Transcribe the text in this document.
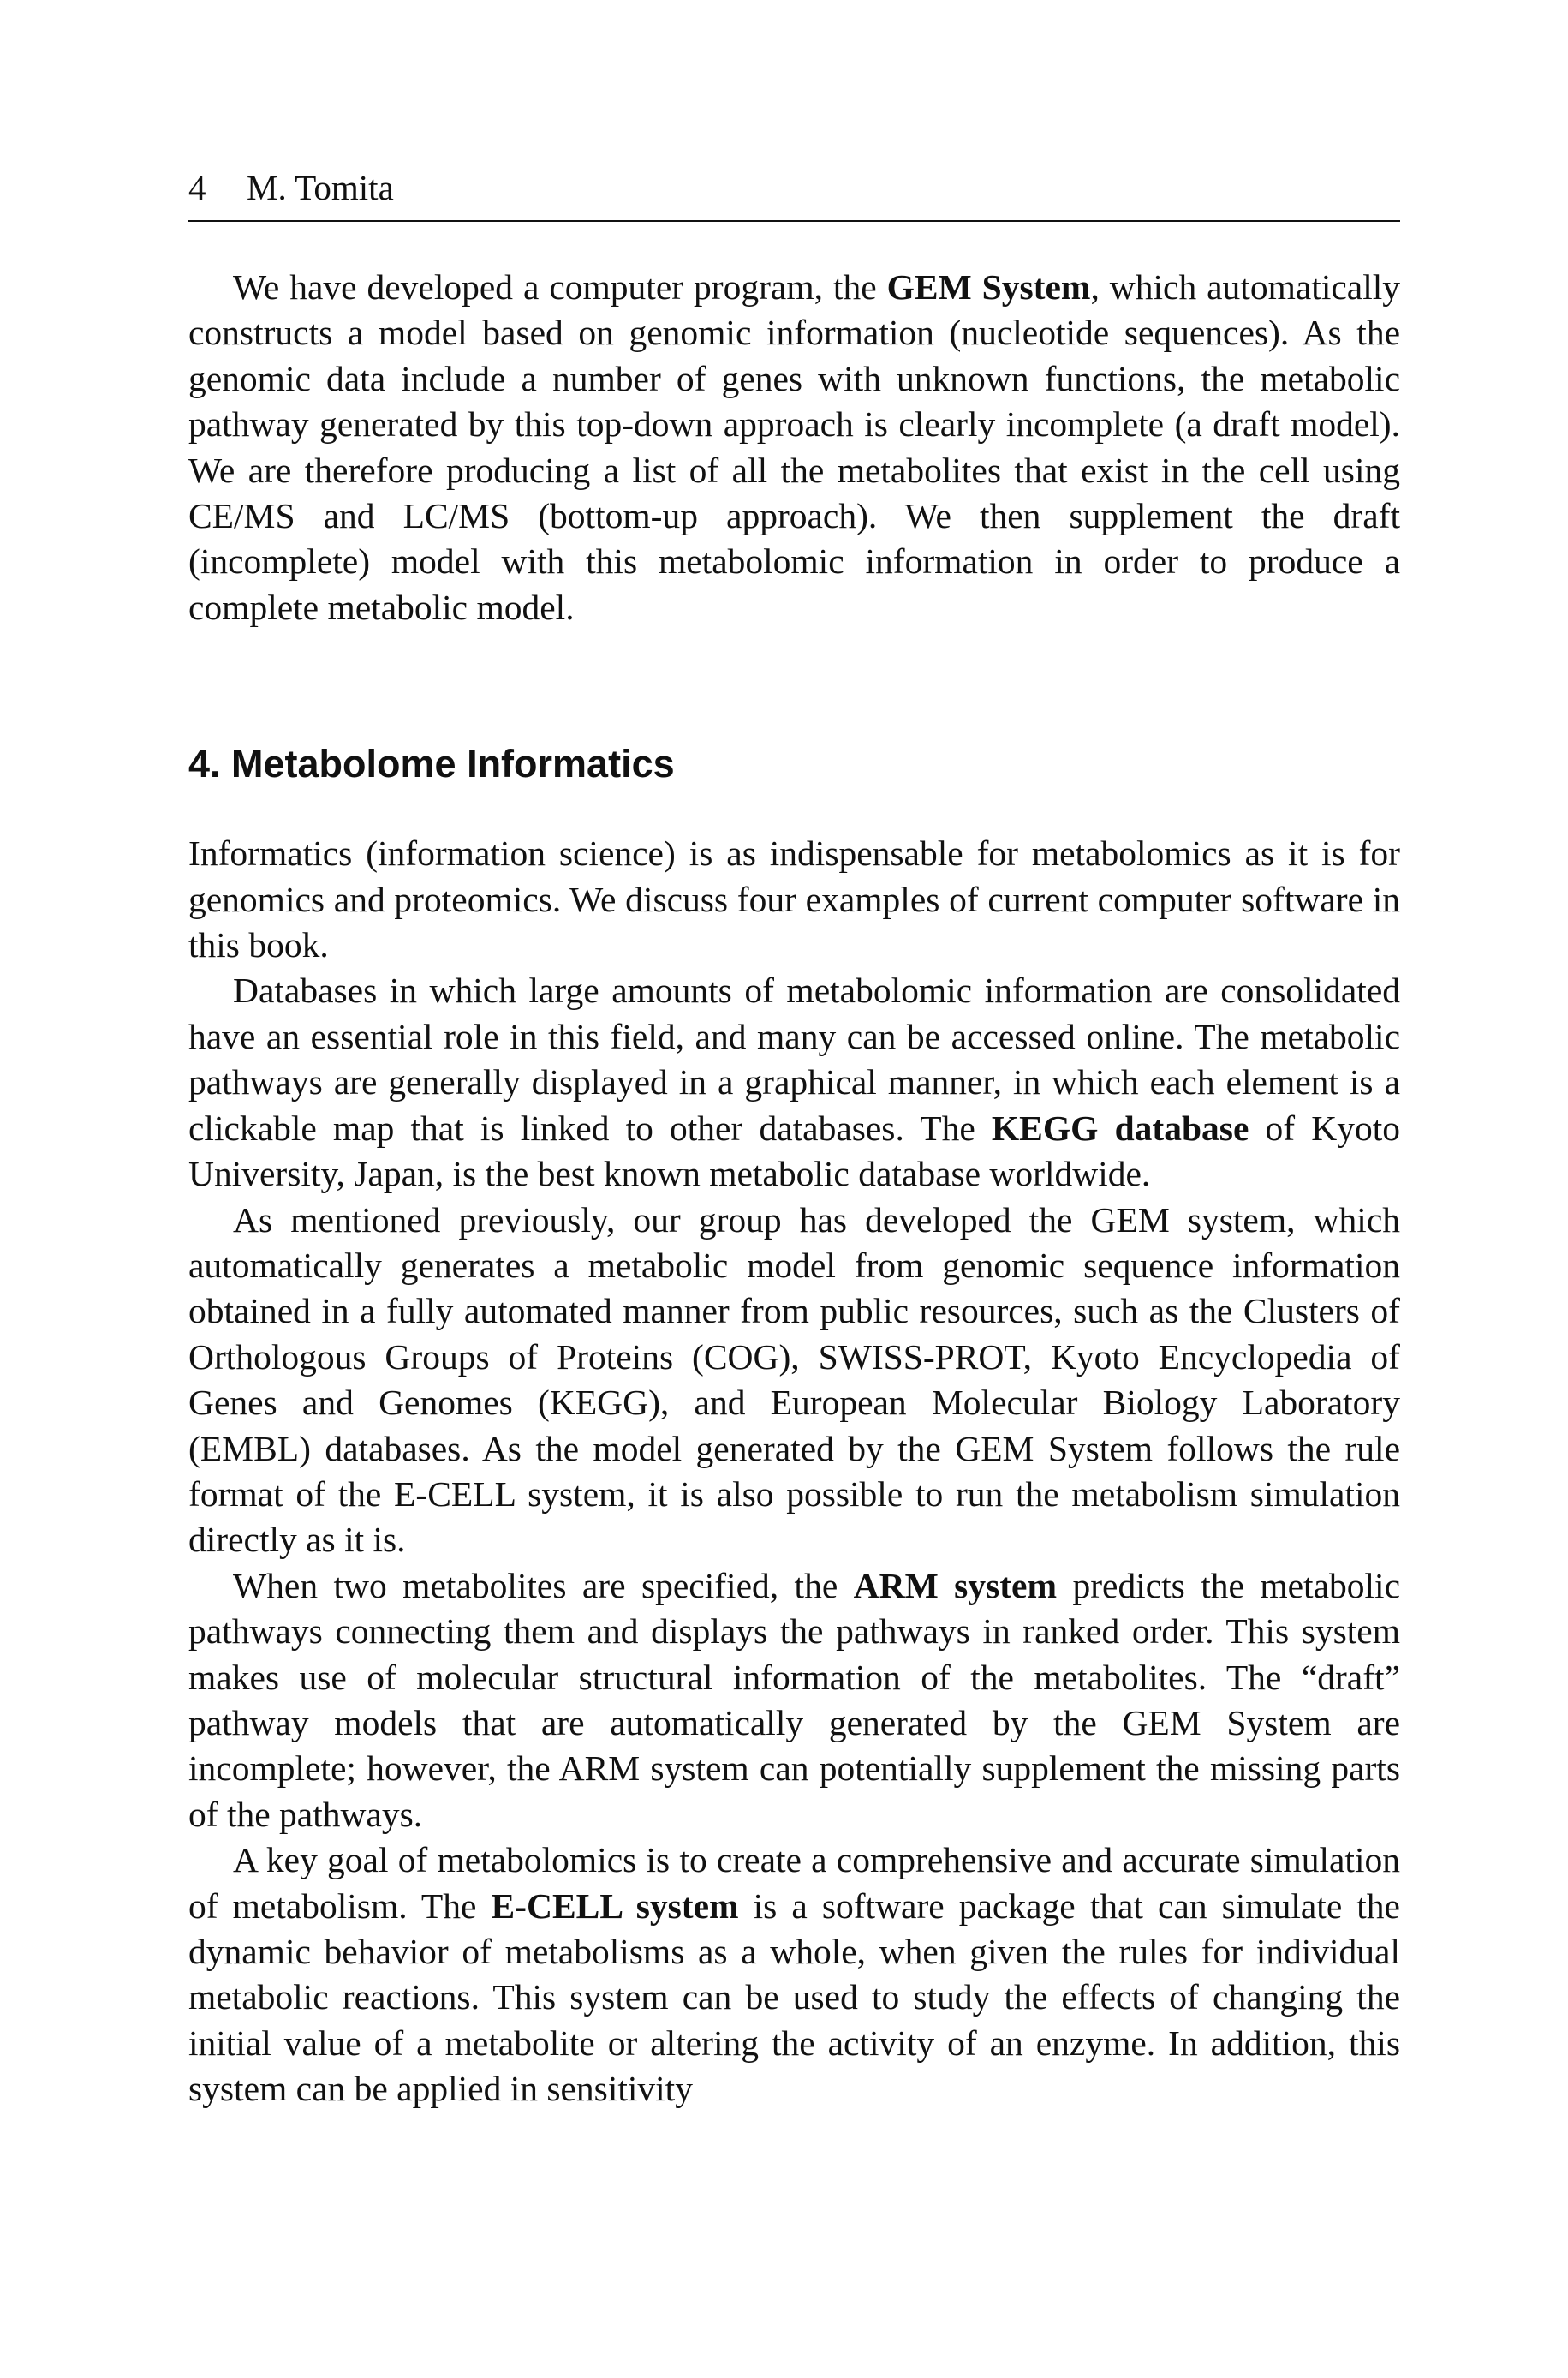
4	M. Tomita

We have developed a computer program, the GEM System, which automatically constructs a model based on genomic information (nucleotide sequences). As the genomic data include a number of genes with unknown functions, the metabolic pathway generated by this top-down approach is clearly incomplete (a draft model). We are therefore producing a list of all the metabolites that exist in the cell using CE/MS and LC/MS (bottom-up approach). We then supplement the draft (incomplete) model with this metabolomic information in order to produce a complete metabolic model.

4. Metabolome Informatics

Informatics (information science) is as indispensable for metabolomics as it is for genomics and proteomics. We discuss four examples of current computer software in this book.

Databases in which large amounts of metabolomic information are consolidated have an essential role in this field, and many can be accessed online. The metabolic pathways are generally displayed in a graphical manner, in which each element is a clickable map that is linked to other databases. The KEGG database of Kyoto University, Japan, is the best known metabolic database worldwide.

As mentioned previously, our group has developed the GEM system, which automatically generates a metabolic model from genomic sequence information obtained in a fully automated manner from public resources, such as the Clusters of Orthologous Groups of Proteins (COG), SWISS-PROT, Kyoto Encyclopedia of Genes and Genomes (KEGG), and European Molecular Biology Laboratory (EMBL) databases. As the model generated by the GEM System follows the rule format of the E-CELL system, it is also possible to run the metabolism simulation directly as it is.

When two metabolites are specified, the ARM system predicts the metabolic pathways connecting them and displays the pathways in ranked order. This system makes use of molecular structural information of the metabolites. The “draft” pathway models that are automatically generated by the GEM System are incomplete; however, the ARM system can potentially supplement the missing parts of the pathways.

A key goal of metabolomics is to create a comprehensive and accurate simulation of metabolism. The E-CELL system is a software package that can simulate the dynamic behavior of metabolisms as a whole, when given the rules for individual metabolic reactions. This system can be used to study the effects of changing the initial value of a metabolite or altering the activity of an enzyme. In addition, this system can be applied in sensitivity
